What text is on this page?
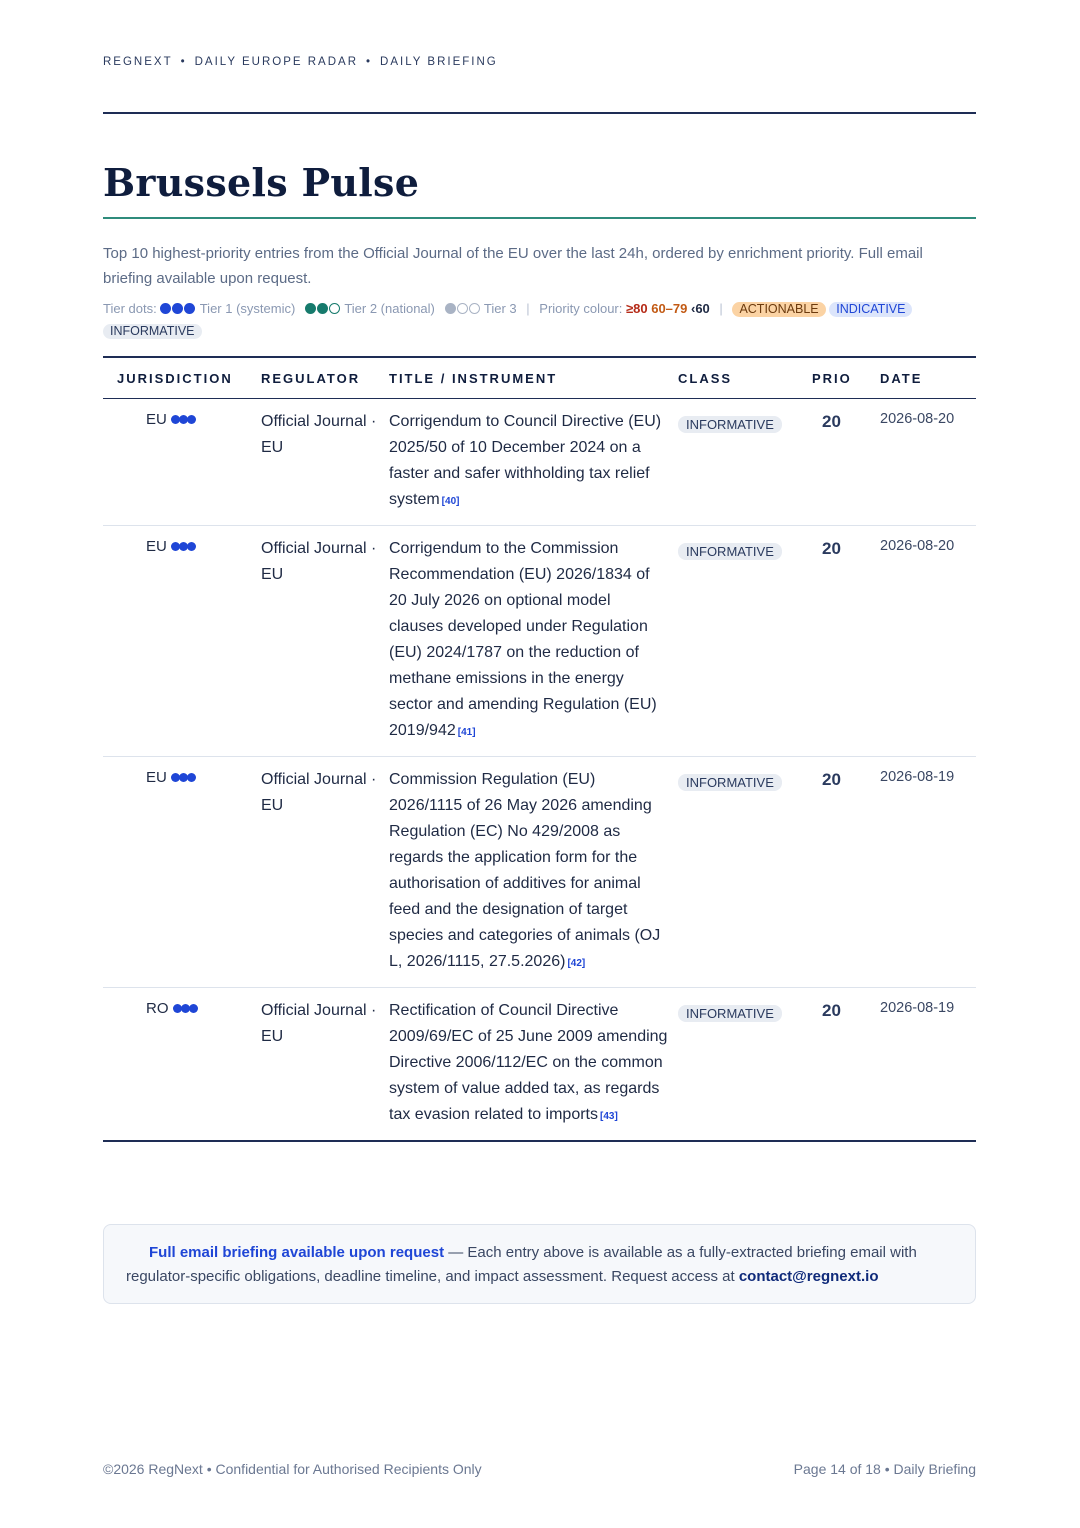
REGNEXT • DAILY EUROPE RADAR • DAILY BRIEFING
Brussels Pulse
Top 10 highest-priority entries from the Official Journal of the EU over the last 24h, ordered by enrichment priority. Full email briefing available upon request.
Tier dots:	Tier 1 (systemic)	Tier 2 (national)	Tier 3 | Priority colour: ≥80 60–79 ‹60 | ACTIONABLE INDICATIVE
INFORMATIVE
JURISDICTION	REGULATOR	TITLE / INSTRUMENT	CLASS	PRIO	DATE
EU	Official Journal · EU	Corrigendum to Council Directive (EU) 2025/50 of 10 December 2024 on a faster and safer withholding tax relief system [40]	INFORMATIVE	20	2026-08-20
EU	Official Journal · EU	Corrigendum to the Commission Recommendation (EU) 2026/1834 of 20 July 2026 on optional model clauses developed under Regulation (EU) 2024/1787 on the reduction of methane emissions in the energy sector and amending Regulation (EU) 2019/942 [41]	INFORMATIVE	20	2026-08-20
EU	Official Journal · EU	Commission Regulation (EU) 2026/1115 of 26 May 2026 amending Regulation (EC) No 429/2008 as regards the application form for the authorisation of additives for animal feed and the designation of target species and categories of animals (OJ L, 2026/1115, 27.5.2026) [42]	INFORMATIVE	20	2026-08-19
RO	Official Journal · EU	Rectification of Council Directive 2009/69/EC of 25 June 2009 amending Directive 2006/112/EC on the common system of value added tax, as regards tax evasion related to imports [43]	INFORMATIVE	20	2026-08-19
Full email briefing available upon request — Each entry above is available as a fully-extracted briefing email with regulator-specific obligations, deadline timeline, and impact assessment. Request access at contact@regnext.io
©2026 RegNext • Confidential for Authorised Recipients Only	Page 14 of 18 • Daily Briefing
